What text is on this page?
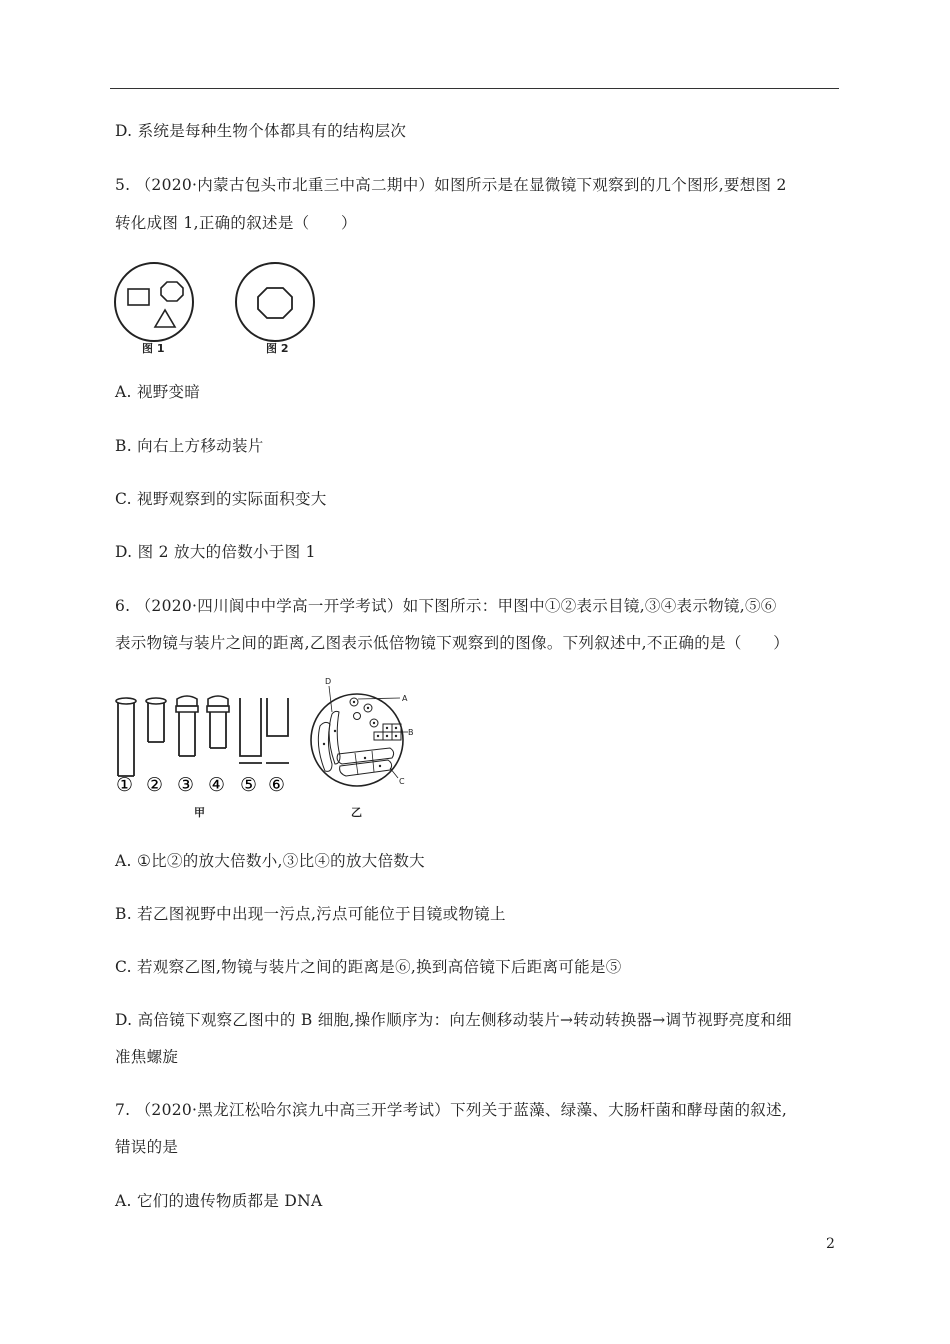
D. 系统是每种生物个体都具有的结构层次
5. （2020·内蒙古包头市北重三中高二期中）如图所示是在显微镜下观察到的几个图形,要想图 2
转化成图 1,正确的叙述是（　　）
图 1	图 2
A. 视野变暗
B. 向右上方移动装片
C. 视野观察到的实际面积变大
D. 图 2 放大的倍数小于图 1
6. （2020·四川阆中中学高一开学考试）如下图所示：甲图中①②表示目镜,③④表示物镜,⑤⑥
表示物镜与装片之间的距离,乙图表示低倍物镜下观察到的图像。下列叙述中,不正确的是（　　）
① ② ③ ④ ⑤ ⑥
甲
D
A
B
C
乙
A. ①比②的放大倍数小,③比④的放大倍数大
B. 若乙图视野中出现一污点,污点可能位于目镜或物镜上
C. 若观察乙图,物镜与装片之间的距离是⑥,换到高倍镜下后距离可能是⑤
D. 高倍镜下观察乙图中的 B 细胞,操作顺序为：向左侧移动装片→转动转换器→调节视野亮度和细
准焦螺旋
7. （2020·黑龙江松哈尔滨九中高三开学考试）下列关于蓝藻、绿藻、大肠杆菌和酵母菌的叙述,
错误的是
A. 它们的遗传物质都是 DNA
2
